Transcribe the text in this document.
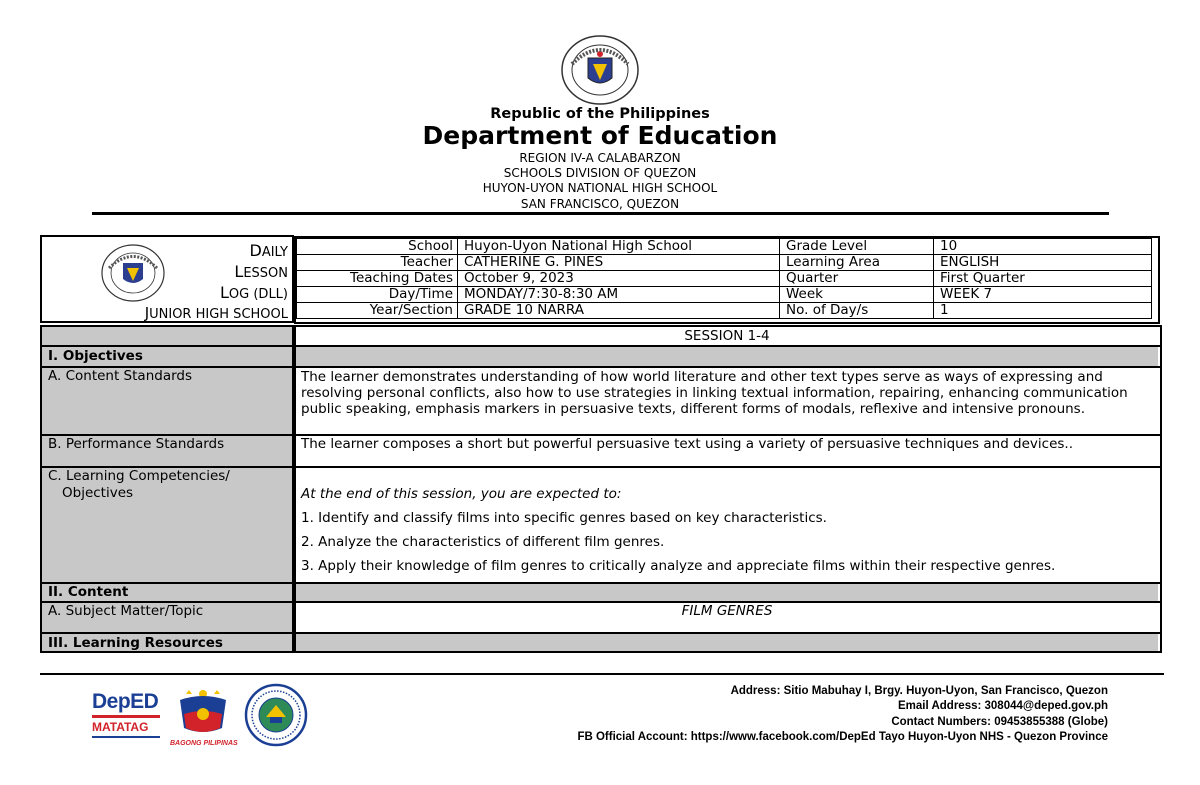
Republic of the Philippines
Department of Education
REGION IV-A CALABARZON
SCHOOLS DIVISION OF QUEZON
HUYON-UYON NATIONAL HIGH SCHOOL
SAN FRANCISCO, QUEZON
DAILY
LESSON
LOG (DLL)
JUNIOR HIGH SCHOOL
School	Huyon-Uyon National High School	Grade Level	10
Teacher	CATHERINE G. PINES	Learning Area	ENGLISH
Teaching Dates	October 9, 2023	Quarter	First Quarter
Day/Time	MONDAY/7:30-8:30 AM	Week	WEEK 7
Year/Section	GRADE 10 NARRA	No. of Day/s	1
SESSION 1-4
I. Objectives
A. Content Standards	The learner demonstrates understanding of how world literature and other text types serve as ways of expressing and resolving personal conflicts, also how to use strategies in linking textual information, repairing, enhancing communication public speaking, emphasis markers in persuasive texts, different forms of modals, reflexive and intensive pronouns.
B. Performance Standards	The learner composes a short but powerful persuasive text using a variety of persuasive techniques and devices..
C. Learning Competencies/
Objectives	At the end of this session, you are expected to:
1. Identify and classify films into specific genres based on key characteristics.
2. Analyze the characteristics of different film genres.
3. Apply their knowledge of film genres to critically analyze and appreciate films within their respective genres.
II. Content
A. Subject Matter/Topic	FILM GENRES
III. Learning Resources
DepED
MATATAG
BAGONG PILIPINAS
Address: Sitio Mabuhay I, Brgy. Huyon-Uyon, San Francisco, Quezon
Email Address: 308044@deped.gov.ph
Contact Numbers: 09453855388 (Globe)
FB Official Account: https://www.facebook.com/DepEd Tayo Huyon-Uyon NHS - Quezon Province
